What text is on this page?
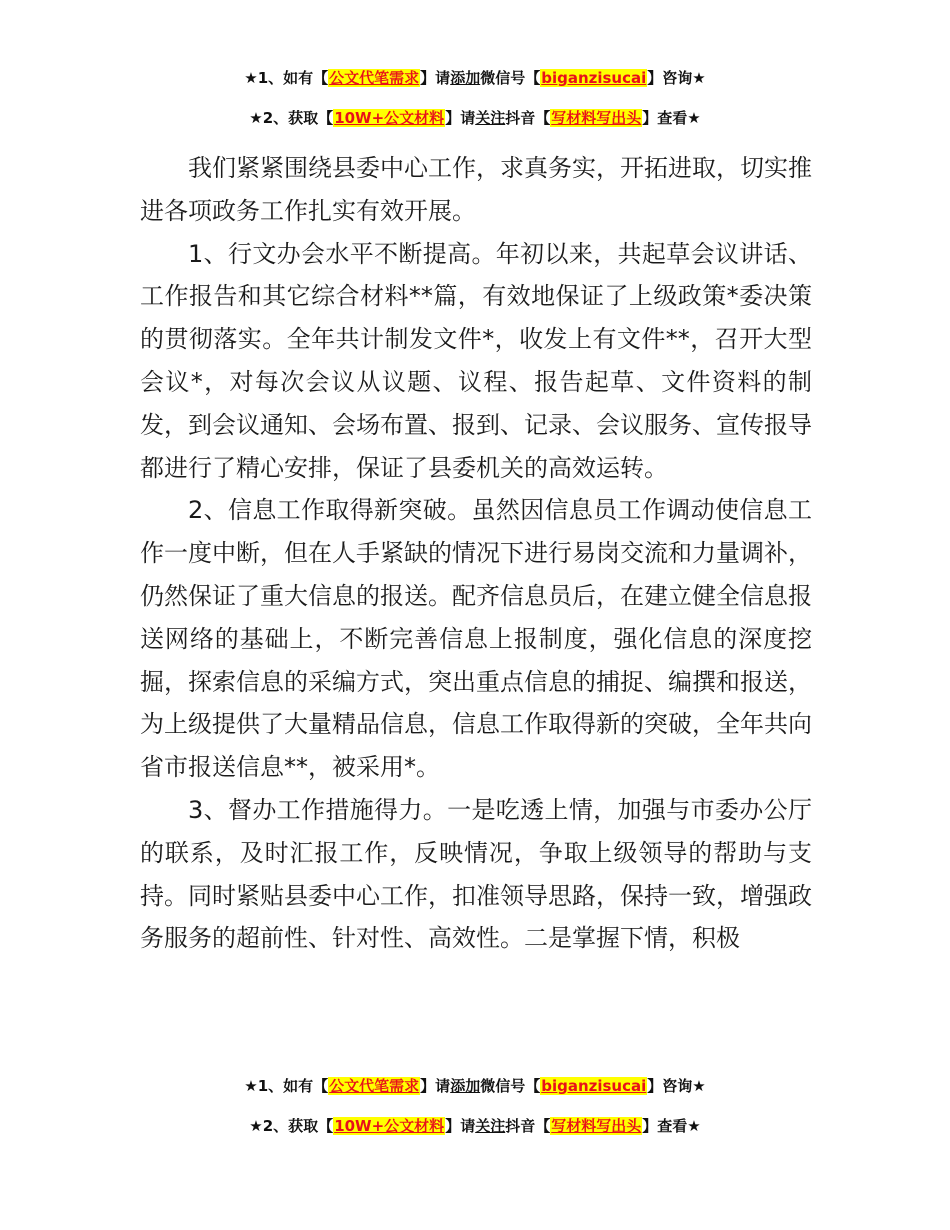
★1、如有【公文代笔需求】请添加微信号【biganzisucai】咨询★
★2、获取【10W+公文材料】请关注抖音【写材料写出头】查看★

我们紧紧围绕县委中心工作，求真务实，开拓进取，切实推进各项政务工作扎实有效开展。

1、行文办会水平不断提高。年初以来，共起草会议讲话、工作报告和其它综合材料**篇，有效地保证了上级政策*委决策的贯彻落实。全年共计制发文件*，收发上有文件**，召开大型会议*，对每次会议从议题、议程、报告起草、文件资料的制发，到会议通知、会场布置、报到、记录、会议服务、宣传报导都进行了精心安排，保证了县委机关的高效运转。

2、信息工作取得新突破。虽然因信息员工作调动使信息工作一度中断，但在人手紧缺的情况下进行易岗交流和力量调补，仍然保证了重大信息的报送。配齐信息员后，在建立健全信息报送网络的基础上，不断完善信息上报制度，强化信息的深度挖掘，探索信息的采编方式，突出重点信息的捕捉、编撰和报送，为上级提供了大量精品信息，信息工作取得新的突破，全年共向省市报送信息**，被采用*。

3、督办工作措施得力。一是吃透上情，加强与市委办公厅的联系，及时汇报工作，反映情况，争取上级领导的帮助与支持。同时紧贴县委中心工作，扣准领导思路，保持一致，增强政务服务的超前性、针对性、高效性。二是掌握下情，积极

★1、如有【公文代笔需求】请添加微信号【biganzisucai】咨询★
★2、获取【10W+公文材料】请关注抖音【写材料写出头】查看★
